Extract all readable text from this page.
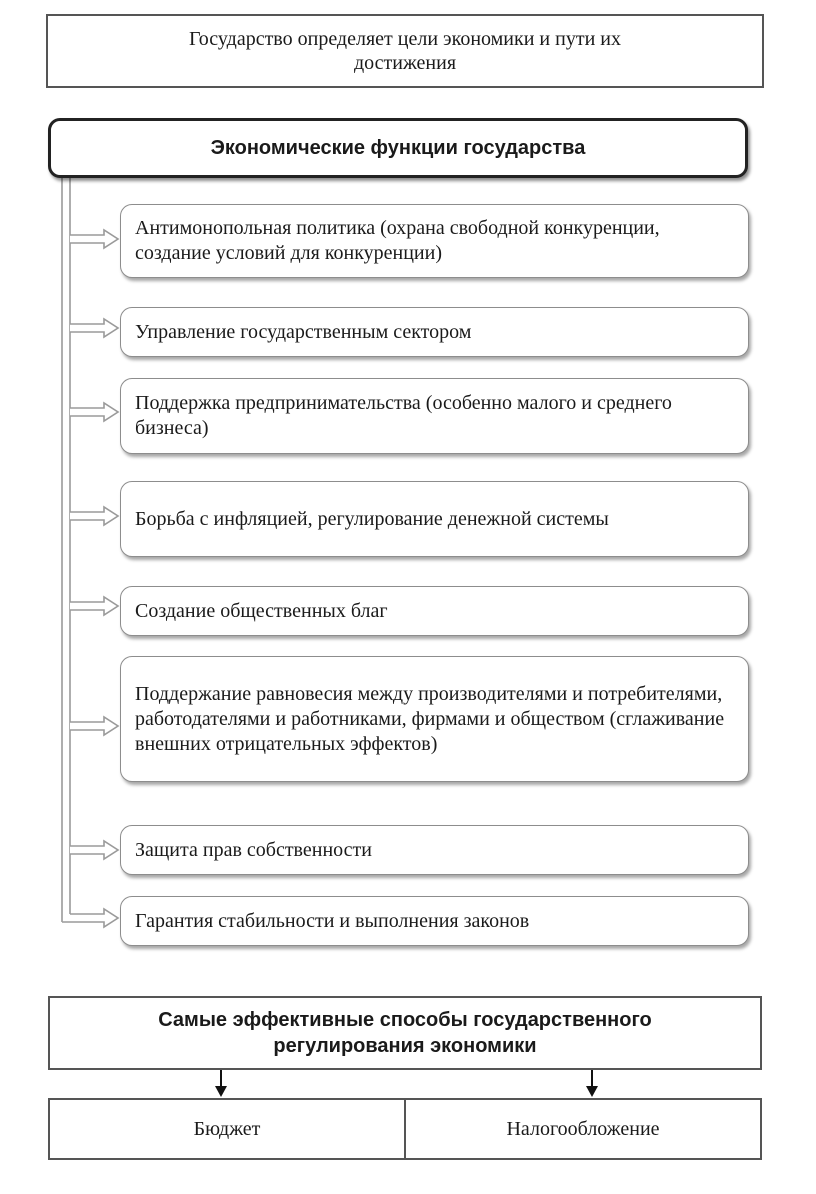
Государство определяет цели экономики и пути их достижения
Экономические функции государства
Антимонопольная политика (охрана свободной конкуренции, создание условий для конкуренции)
Управление государственным сектором
Поддержка предпринимательства (особенно малого и среднего бизнеса)
Борьба с инфляцией, регулирование денежной системы
Создание общественных благ
Поддержание равновесия между производителями и потребителями, работодателями и работниками, фирмами и обществом (сглаживание внешних отрицательных эффектов)
Защита прав собственности
Гарантия стабильности и выполнения законов
Самые эффективные способы государственного регулирования экономики
Бюджет	Налогообложение
